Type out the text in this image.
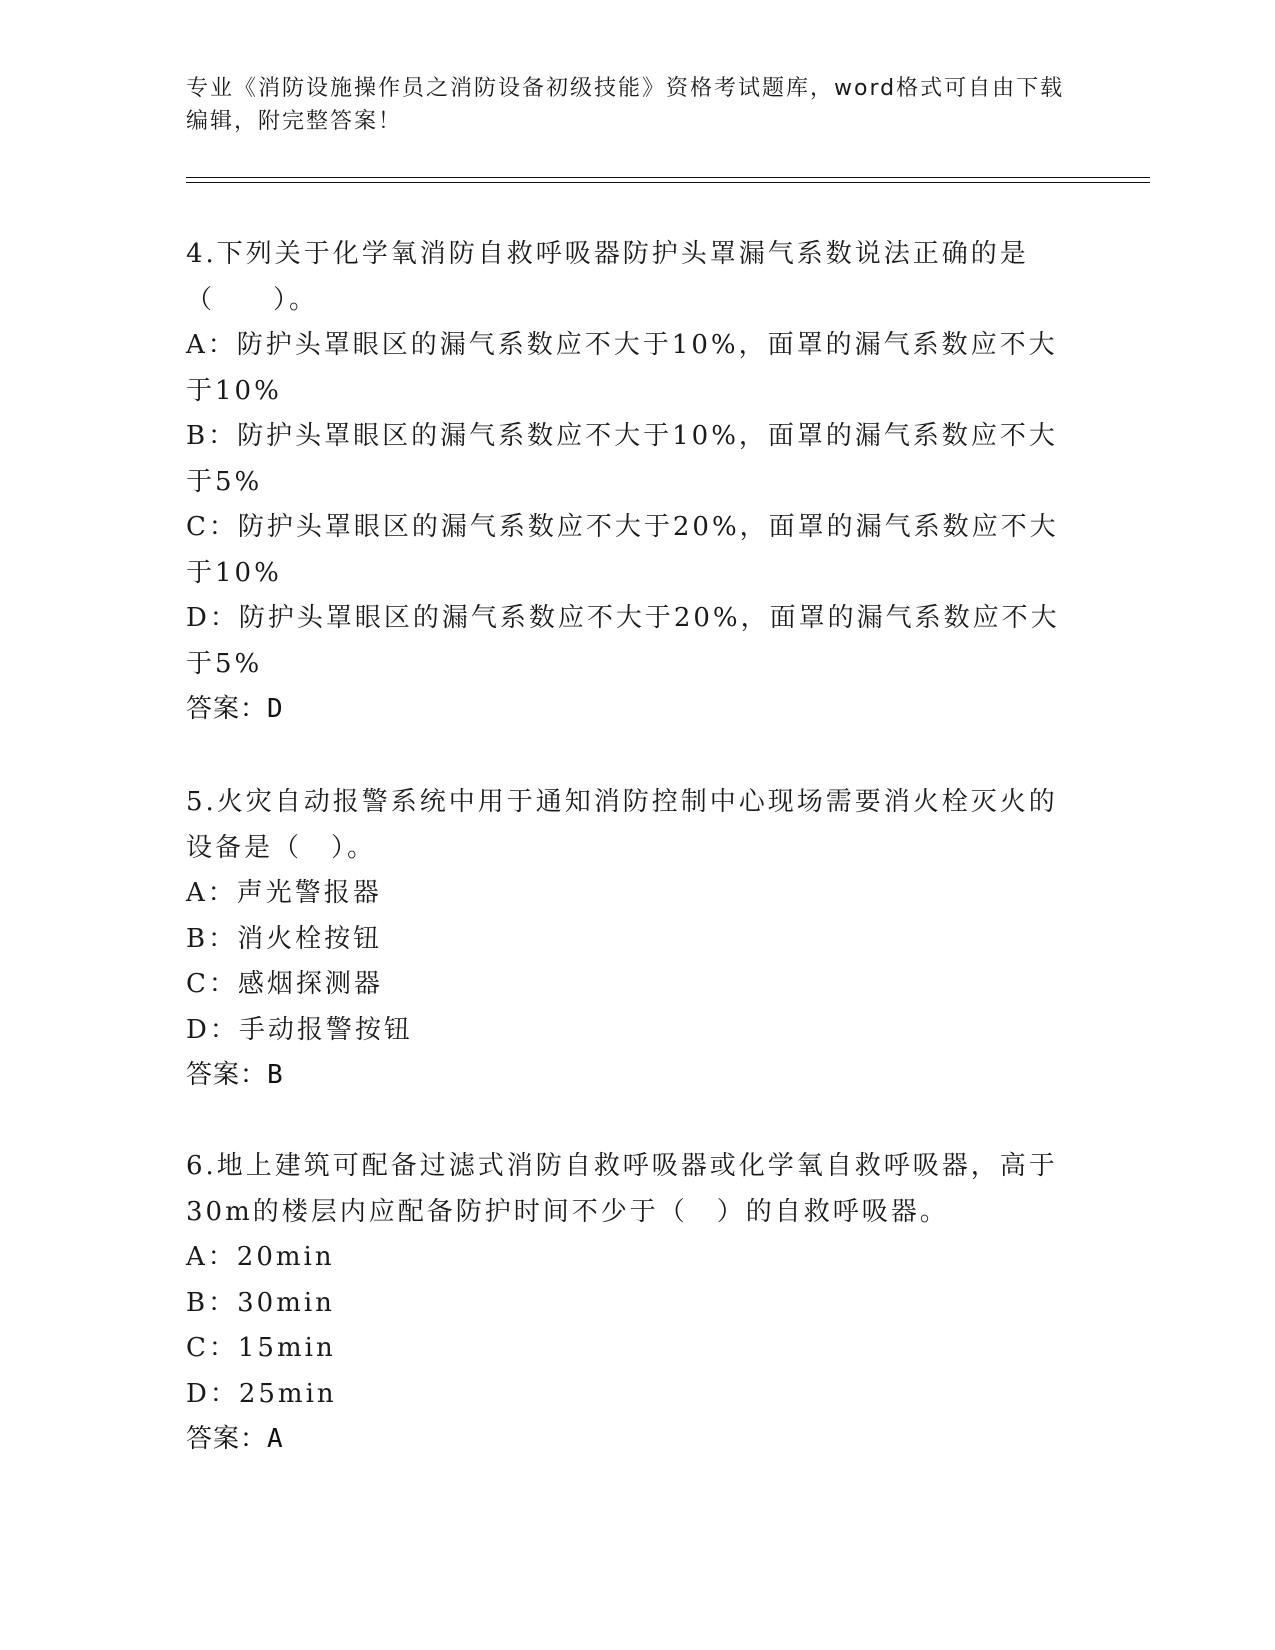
专业《消防设施操作员之消防设备初级技能》资格考试题库，word格式可自由下载编辑，附完整答案！

4.下列关于化学氧消防自救呼吸器防护头罩漏气系数说法正确的是（　　）。

A：防护头罩眼区的漏气系数应不大于10%，面罩的漏气系数应不大于10%

B：防护头罩眼区的漏气系数应不大于10%，面罩的漏气系数应不大于5%

C：防护头罩眼区的漏气系数应不大于20%，面罩的漏气系数应不大于10%

D：防护头罩眼区的漏气系数应不大于20%，面罩的漏气系数应不大于5%

答案：D

5.火灾自动报警系统中用于通知消防控制中心现场需要消火栓灭火的设备是（　）。

A：声光警报器

B：消火栓按钮

C：感烟探测器

D：手动报警按钮

答案：B

6.地上建筑可配备过滤式消防自救呼吸器或化学氧自救呼吸器，高于30m的楼层内应配备防护时间不少于（　）的自救呼吸器。

A：20min

B：30min

C：15min

D：25min

答案：A
